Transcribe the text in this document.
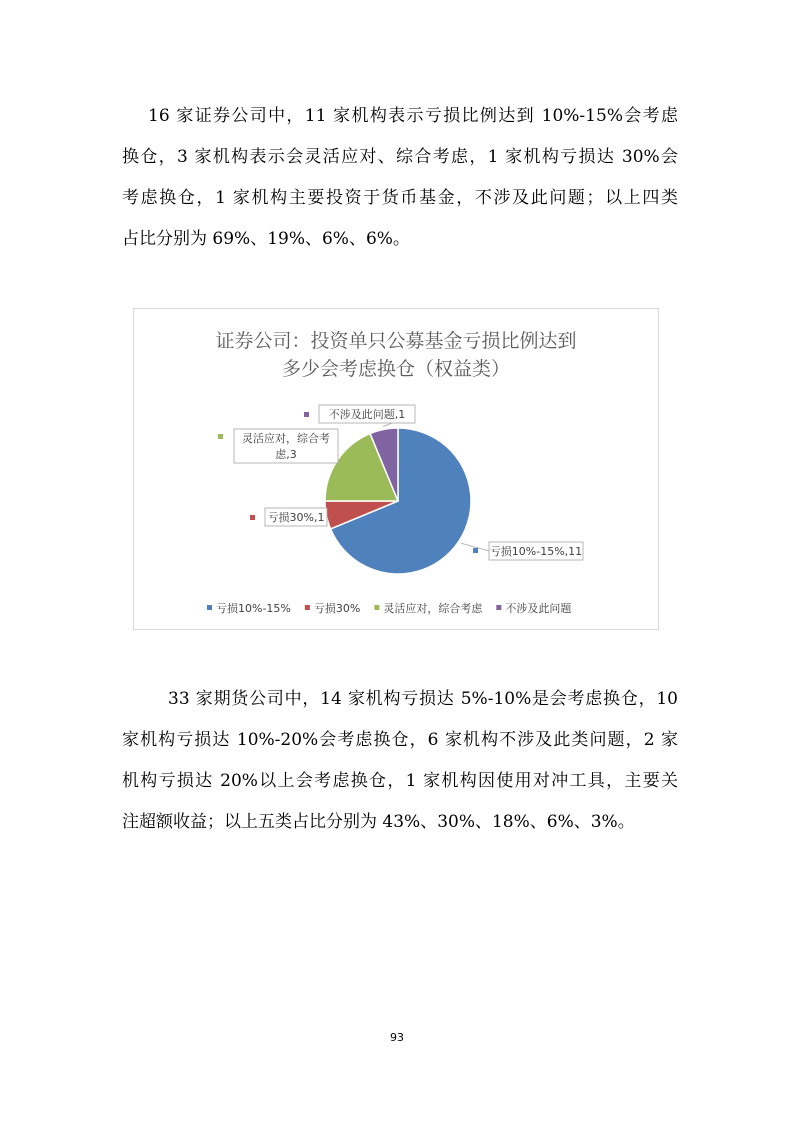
16 家证券公司中，11 家机构表示亏损比例达到 10%-15%会考虑
换仓，3 家机构表示会灵活应对、综合考虑，1 家机构亏损达 30%会
考虑换仓，1 家机构主要投资于货币基金，不涉及此问题；以上四类
占比分别为 69%、19%、6%、6%。
证券公司：投资单只公募基金亏损比例达到
多少会考虑换仓（权益类）
亏损10%-15%,11
亏损30%,1
灵活应对，综合考
虑,3
不涉及此问题,1
亏损10%-15% 亏损30% 灵活应对，综合考虑 不涉及此问题
33 家期货公司中，14 家机构亏损达 5%-10%是会考虑换仓，10
家机构亏损达 10%-20%会考虑换仓，6 家机构不涉及此类问题，2 家
机构亏损达 20%以上会考虑换仓，1 家机构因使用对冲工具，主要关
注超额收益；以上五类占比分别为 43%、30%、18%、6%、3%。
93
